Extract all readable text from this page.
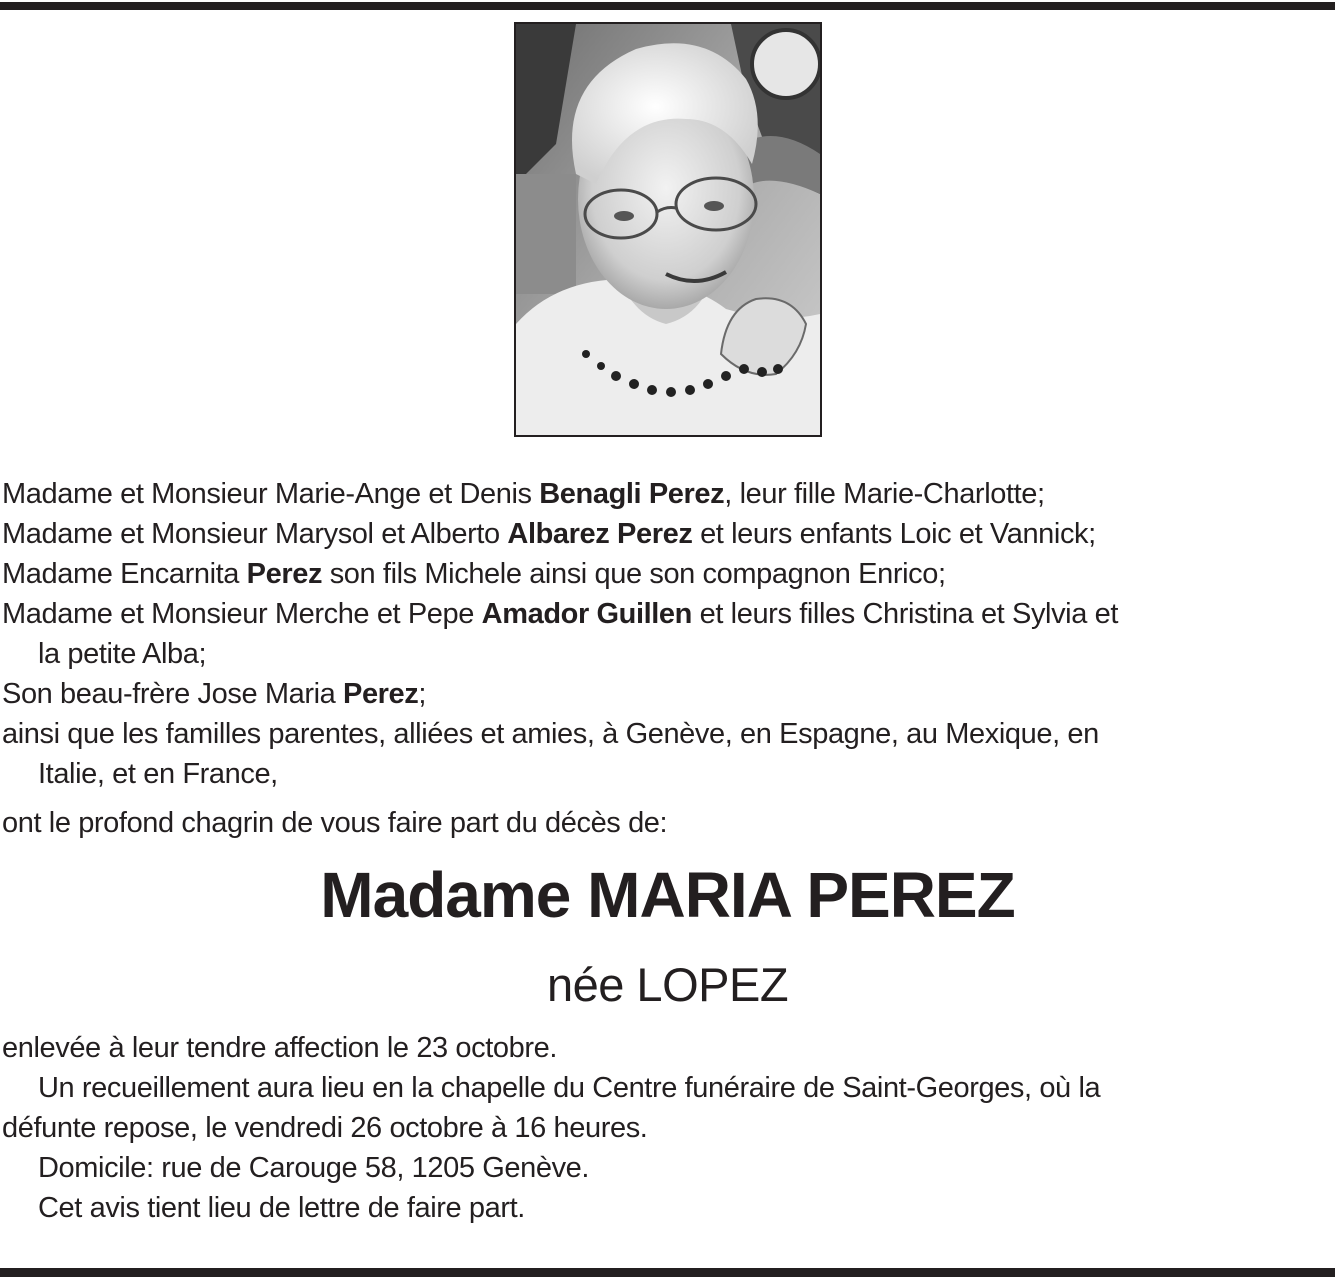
Madame et Monsieur Marie-Ange et Denis Benagli Perez, leur fille Marie-Charlotte;
Madame et Monsieur Marysol et Alberto Albarez Perez et leurs enfants Loic et Vannick;
Madame Encarnita Perez son fils Michele ainsi que son compagnon Enrico;
Madame et Monsieur Merche et Pepe Amador Guillen et leurs filles Christina et Sylvia et
la petite Alba;
Son beau-frère Jose Maria Perez;
ainsi que les familles parentes, alliées et amies, à Genève, en Espagne, au Mexique, en
Italie, et en France,
ont le profond chagrin de vous faire part du décès de:
Madame MARIA PEREZ
née LOPEZ
enlevée à leur tendre affection le 23 octobre.
Un recueillement aura lieu en la chapelle du Centre funéraire de Saint-Georges, où la
défunte repose, le vendredi 26 octobre à 16 heures.
Domicile: rue de Carouge 58, 1205 Genève.
Cet avis tient lieu de lettre de faire part.
